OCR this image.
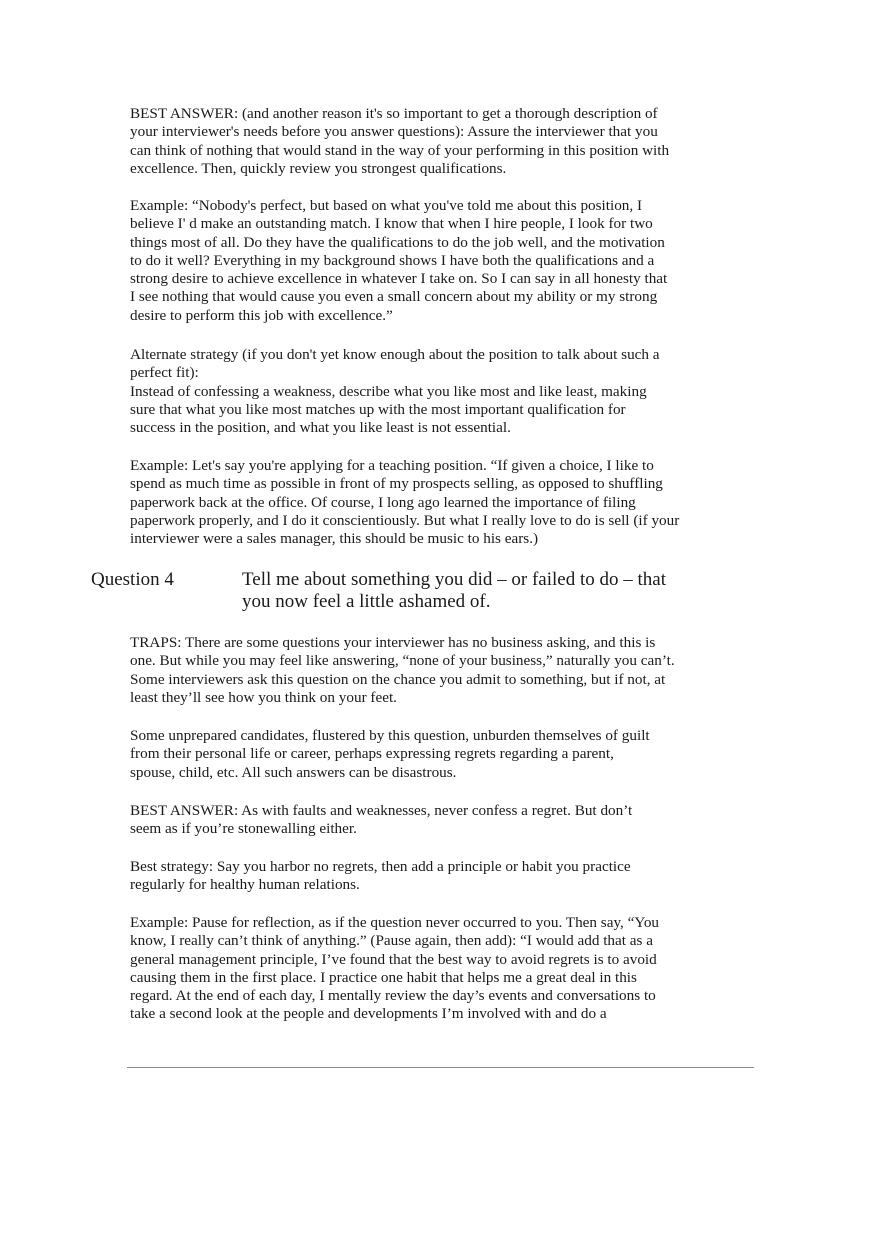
BEST ANSWER: (and another reason it's so important to get a thorough description of
your interviewer's needs before you answer questions): Assure the interviewer that you
can think of nothing that would stand in the way of your performing in this position with
excellence. Then, quickly review you strongest qualifications.

Example: “Nobody's perfect, but based on what you've told me about this position, I
believe I' d make an outstanding match. I know that when I hire people, I look for two
things most of all. Do they have the qualifications to do the job well, and the motivation
to do it well? Everything in my background shows I have both the qualifications and a
strong desire to achieve excellence in whatever I take on. So I can say in all honesty that
I see nothing that would cause you even a small concern about my ability or my strong
desire to perform this job with excellence.”

Alternate strategy (if you don't yet know enough about the position to talk about such a
perfect fit):
Instead of confessing a weakness, describe what you like most and like least, making
sure that what you like most matches up with the most important qualification for
success in the position, and what you like least is not essential.

Example: Let's say you're applying for a teaching position. “If given a choice, I like to
spend as much time as possible in front of my prospects selling, as opposed to shuffling
paperwork back at the office. Of course, I long ago learned the importance of filing
paperwork properly, and I do it conscientiously. But what I really love to do is sell (if your
interviewer were a sales manager, this should be music to his ears.)

Question 4	Tell me about something you did – or failed to do – that
you now feel a little ashamed of.

TRAPS: There are some questions your interviewer has no business asking, and this is
one. But while you may feel like answering, “none of your business,” naturally you can’t.
Some interviewers ask this question on the chance you admit to something, but if not, at
least they’ll see how you think on your feet.

Some unprepared candidates, flustered by this question, unburden themselves of guilt
from their personal life or career, perhaps expressing regrets regarding a parent,
spouse, child, etc. All such answers can be disastrous.

BEST ANSWER: As with faults and weaknesses, never confess a regret. But don’t
seem as if you’re stonewalling either.

Best strategy: Say you harbor no regrets, then add a principle or habit you practice
regularly for healthy human relations.

Example: Pause for reflection, as if the question never occurred to you. Then say, “You
know, I really can’t think of anything.” (Pause again, then add): “I would add that as a
general management principle, I’ve found that the best way to avoid regrets is to avoid
causing them in the first place. I practice one habit that helps me a great deal in this
regard. At the end of each day, I mentally review the day’s events and conversations to
take a second look at the people and developments I’m involved with and do a
